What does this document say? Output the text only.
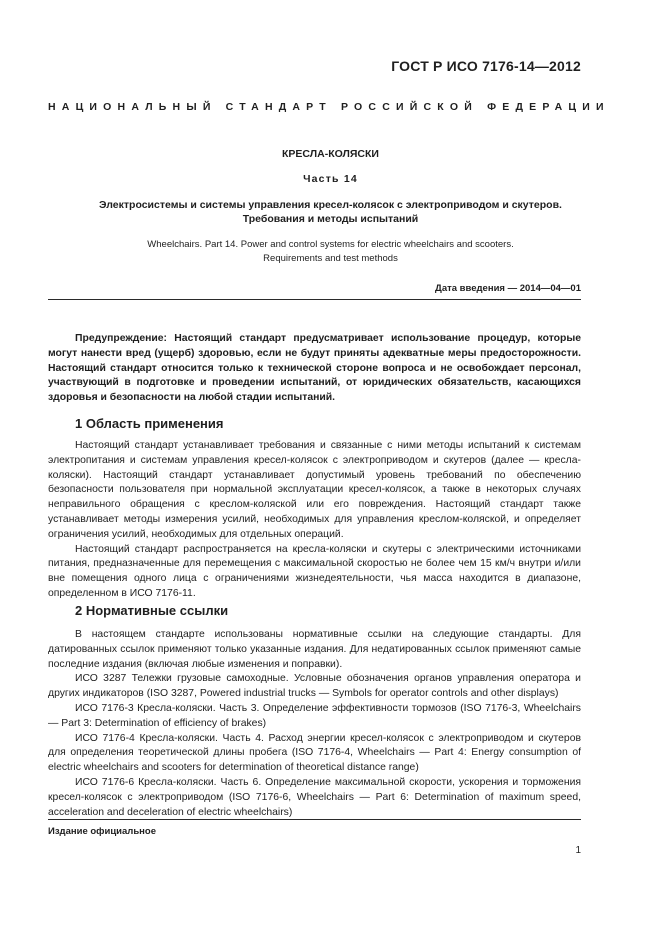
ГОСТ Р ИСО 7176-14—2012
НАЦИОНАЛЬНЫЙ СТАНДАРТ РОССИЙСКОЙ ФЕДЕРАЦИИ
КРЕСЛА-КОЛЯСКИ
Часть 14
Электросистемы и системы управления кресел-колясок с электроприводом и скутеров.
Требования и методы испытаний
Wheelchairs. Part 14. Power and control systems for electric wheelchairs and scooters.
Requirements and test methods
Дата введения — 2014—04—01

Предупреждение: Настоящий стандарт предусматривает использование процедур, которые могут нанести вред (ущерб) здоровью, если не будут приняты адекватные меры предосторожности. Настоящий стандарт относится только к технической стороне вопроса и не освобождает персонал, участвующий в подготовке и проведении испытаний, от юридических обязательств, касающихся здоровья и безопасности на любой стадии испытаний.

1 Область применения

Настоящий стандарт устанавливает требования и связанные с ними методы испытаний к системам электропитания и системам управления кресел-колясок с электроприводом и скутеров (далее — кресла-коляски). Настоящий стандарт устанавливает допустимый уровень требований по обеспечению безопасности пользователя при нормальной эксплуатации кресел-колясок, а также в некоторых случаях неправильного обращения с креслом-коляской или его повреждения. Настоящий стандарт также устанавливает методы измерения усилий, необходимых для управления креслом-коляской, и определяет ограничения усилий, необходимых для отдельных операций.

Настоящий стандарт распространяется на кресла-коляски и скутеры с электрическими источниками питания, предназначенные для перемещения с максимальной скоростью не более чем 15 км/ч внутри и/или вне помещения одного лица с ограничениями жизнедеятельности, чья масса находится в диапазоне, определенном в ИСО 7176-11.

2 Нормативные ссылки

В настоящем стандарте использованы нормативные ссылки на следующие стандарты. Для датированных ссылок применяют только указанные издания. Для недатированных ссылок применяют самые последние издания (включая любые изменения и поправки).

ИСО 3287 Тележки грузовые самоходные. Условные обозначения органов управления оператора и других индикаторов (ISO 3287, Powered industrial trucks — Symbols for operator controls and other displays)

ИСО 7176-3 Кресла-коляски. Часть 3. Определение эффективности тормозов (ISO 7176-3, Wheelchairs — Part 3: Determination of efficiency of brakes)

ИСО 7176-4 Кресла-коляски. Часть 4. Расход энергии кресел-колясок с электроприводом и скутеров для определения теоретической длины пробега (ISO 7176-4, Wheelchairs — Part 4: Energy consumption of electric wheelchairs and scooters for determination of theoretical distance range)

ИСО 7176-6 Кресла-коляски. Часть 6. Определение максимальной скорости, ускорения и торможения кресел-колясок с электроприводом (ISO 7176-6, Wheelchairs — Part 6: Determination of maximum speed, acceleration and deceleration of electric wheelchairs)

Издание официальное
1
